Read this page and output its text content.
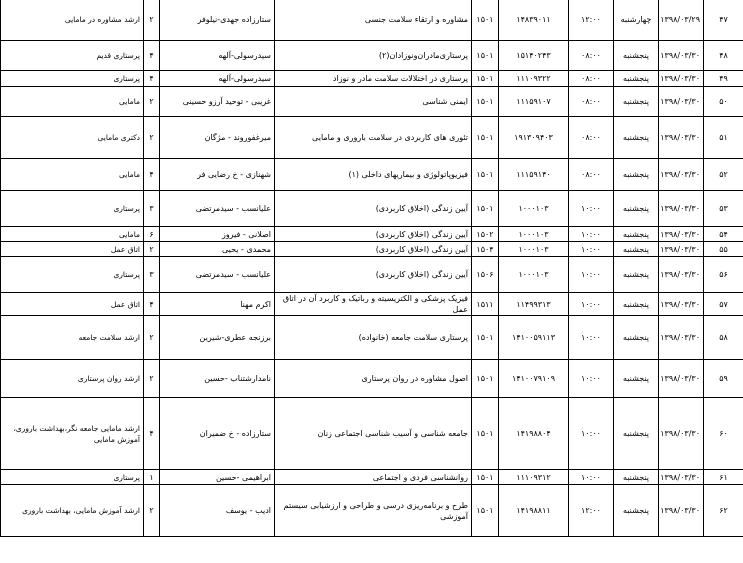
۴۷	۱۳۹۸/۰۳/۲۹	چهارشنبه	۱۲:۰۰	۱۴۸۳۹۰۱۱	۱۵۰۱	مشاوره و ارتقاء سلامت جنسی	ستارزاده جهدی-نیلوفر	۲	ارشد مشاوره در مامایی
۴۸	۱۳۹۸/۰۳/۳۰	پنجشنبه	۰۸:۰۰	۱۵۱۴۰۲۴۳	۱۵۰۱	پرستاری‌مادران‌ونوزادان(۲)	سیدرسولی-آلهه	۴	پرستاری قدیم
۴۹	۱۳۹۸/۰۳/۳۰	پنجشنبه	۰۸:۰۰	۱۱۱۰۹۳۲۲	۱۵۰۱	پرستاری در اختلالات سلامت مادر و نوزاد	سیدرسولی-آلهه	۴	پرستاری
۵۰	۱۳۹۸/۰۳/۳۰	پنجشنبه	۰۸:۰۰	۱۱۱۵۹۱۰۷	۱۵۰۱	ایمنی شناسی	غریبی - توحید آرزو حسینی	۲	مامایی
۵۱	۱۳۹۸/۰۳/۳۰	پنجشنبه	۰۸:۰۰	۱۹۱۳۰۹۴۰۳	۱۵۰۱	تئوری های کاربردی در سلامت باروری و مامایی	میرغفوروند - مژگان	۲	دکتری مامایی
۵۲	۱۳۹۸/۰۳/۳۰	پنجشنبه	۰۸:۰۰	۱۱۱۵۹۱۴۰	۱۵۰۱	فیزیوپاتولوژی و بیماریهای داخلی (۱)	شهنازی - خ رضایی فر	۴	مامایی
۵۳	۱۳۹۸/۰۳/۳۰	پنجشنبه	۱۰:۰۰	۱۰۰۰۱۰۳	۱۵۰۱	آیین زندگی (اخلاق کاربردی)	علیانسب - سیدمرتضی	۳	پرستاری
۵۴	۱۳۹۸/۰۳/۳۰	پنجشنبه	۱۰:۰۰	۱۰۰۰۱۰۳	۱۵۰۲	آیین زندگی (اخلاق کاربردی)	اصلانی - فیروز	۶	مامایی
۵۵	۱۳۹۸/۰۳/۳۰	پنجشنبه	۱۰:۰۰	۱۰۰۰۱۰۳	۱۵۰۴	آیین زندگی (اخلاق کاربردی)	محمدی - یحیی	۲	اتاق عمل
۵۶	۱۳۹۸/۰۳/۳۰	پنجشنبه	۱۰:۰۰	۱۰۰۰۱۰۳	۱۵۰۶	آیین زندگی (اخلاق کاربردی)	علیانسب - سیدمرتضی	۳	پرستاری
۵۷	۱۳۹۸/۰۳/۳۰	پنجشنبه	۱۰:۰۰	۱۱۴۹۹۳۱۳	۱۵۱۱	فیزیک پزشکی و الکتریسیته و رباتیک و کاربرد آن در اتاق عمل	اکرم مهنا	۴	اتاق عمل
۵۸	۱۳۹۸/۰۳/۳۰	پنجشنبه	۱۰:۰۰	۱۴۱۰۰۵۹۱۱۳	۱۵۰۱	پرستاری سلامت جامعه (خانواده)	برزنجه عطری-شیرین	۲	ارشد سلامت جامعه
۵۹	۱۳۹۸/۰۳/۳۰	پنجشنبه	۱۰:۰۰	۱۴۱۰۰۷۹۱۰۹	۱۵۰۱	اصول مشاوره در روان پرستاری	نامدارشتناب -حسین	۲	ارشد روان پرستاری
۶۰	۱۳۹۸/۰۳/۳۰	پنجشنبه	۱۰:۰۰	۱۴۱۹۸۸۰۴	۱۵۰۱	جامعه شناسی و آسیب شناسی اجتماعی زنان	ستارزاده - خ ضمیران	۴	ارشد مامایی جامعه نگر،بهداشت باروری، آموزش مامایی
۶۱	۱۳۹۸/۰۳/۳۰	پنجشنبه	۱۰:۰۰	۱۱۱۰۹۳۱۲	۱۵۰۱	روانشناسی فردی و اجتماعی	ابراهیمی -حسین	۱	پرستاری
۶۲	۱۳۹۸/۰۳/۳۰	پنجشنبه	۱۲:۰۰	۱۴۱۹۸۸۱۱	۱۵۰۱	طرح و برنامه‌ریزی درسی و طراحی و ارزشیابی سیستم آموزشی	ادیب - یوسف	۲	ارشد آموزش مامایی، بهداشت باروری
